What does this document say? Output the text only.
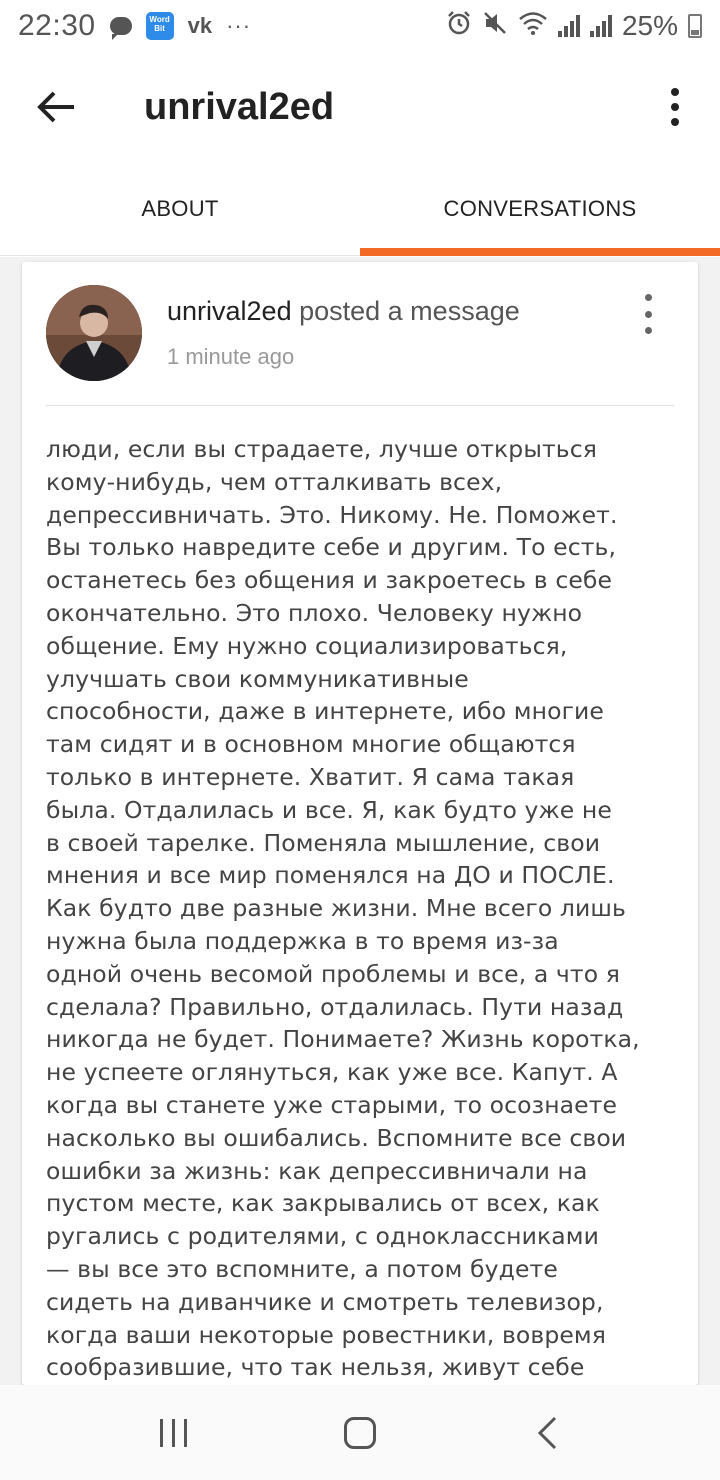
22:30	Word Bit	vk ···	25%
unrival2ed
ABOUT	CONVERSATIONS
unrival2ed posted a message
1 minute ago
люди, если вы страдаете, лучше открыться
кому-нибудь, чем отталкивать всех,
депрессивничать. Это. Никому. Не. Поможет.
Вы только навредите себе и другим. То есть,
останетесь без общения и закроетесь в себе
окончательно. Это плохо. Человеку нужно
общение. Ему нужно социализироваться,
улучшать свои коммуникативные
способности, даже в интернете, ибо многие
там сидят и в основном многие общаются
только в интернете. Хватит. Я сама такая
была. Отдалилась и все. Я, как будто уже не
в своей тарелке. Поменяла мышление, свои
мнения и все мир поменялся на ДО и ПОСЛЕ.
Как будто две разные жизни. Мне всего лишь
нужна была поддержка в то время из-за
одной очень весомой проблемы и все, а что я
сделала? Правильно, отдалилась. Пути назад
никогда не будет. Понимаете? Жизнь коротка,
не успеете оглянуться, как уже все. Капут. А
когда вы станете уже старыми, то осознаете
насколько вы ошибались. Вспомните все свои
ошибки за жизнь: как депрессивничали на
пустом месте, как закрывались от всех, как
ругались с родителями, с одноклассниками
— вы все это вспомните, а потом будете
сидеть на диванчике и смотреть телевизор,
когда ваши некоторые ровестники, вовремя
сообразившие, что так нельзя, живут себе
